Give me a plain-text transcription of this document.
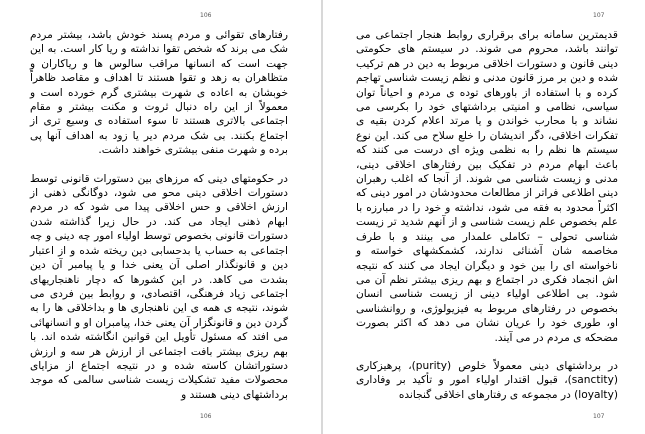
106

رفتارهای تقوائی و مردم پسند خودش باشد، بیشتر مردم شک می برند که شخص تقوا نداشته و ریا کار است. به این جهت است که انسانها مراقب سالوس ها و ریاکاران و متظاهران به زهد و تقوا هستند تا اهداف و مقاصد ظاهراً خوبشان به اعاده ی شهرت بیشتری گرم خورده است و معمولاً از این راه دنبال ثروت و مکنت بیشتر و مقام اجتماعی بالاتری هستند تا سوء استفاده ی وسیع تری از اجتماع بکنند. بی شک مردم دیر یا زود به اهداف آنها پی برده و شهرت منفی بیشتری خواهند داشت.

در حکومتهای دینی که مرزهای بین دستورات قانونی توسط دستورات اخلاقی دینی محو می شود، دوگانگی ذهنی از ارزش اخلاقی و حس اخلاقی پیدا می شود که در مردم ابهام ذهنی ایجاد می کند. در حال زیرا گذاشته شدن دستورات قانونی بخصوص توسط اولیاء امور چه دینی و چه اجتماعی به حساب یا بدحسابی دین ریخته شده و از اعتبار دین و قانونگذار اصلی آن یعنی خدا و یا پیامبر آن دین بشدت می کاهد. در این کشورها که دچار ناهنجاریهای اجتماعی زیاد فرهنگی، اقتصادی، و روابط بین فردی می شوند، نتیجه ی همه ی این ناهنجاری ها و بداخلاقی ها را به گردن دین و قانونگزار آن یعنی خدا، پیامبران او و انسانهائی می افتد که مسئول تأویل این قوانین انگاشته شده اند. با بهم ریزی بیشتر بافت اجتماعی از ارزش هر سه و ارزش دستوراتشان کاسته شده و در نتیجه اجتماع از مزایای محصولات مفید تشکیلات زیست شناسی سالمی که موجد برداشتهای دینی هستند و

106
107

قدیمترین سامانه برای برقراری روابط هنجار اجتماعی می توانند باشد، محروم می شوند. در سیستم های حکومتی دینی قانون و دستورات اخلاقی مربوط به دین در هم ترکیب شده و دین بر مرز قانون مدنی و نظم زیست شناسی تهاجم کرده و با استفاده از باورهای توده ی مردم و احیاناً توان سیاسی، نظامی و امنیتی برداشتهای خود را بکرسی می نشاند و با محارب خواندن و یا مرتد اعلام کردن بقیه ی تفکرات اخلاقی، دگر اندیشان را خلع سلاح می کند. این نوع سیستم ها نظم را به نظمی ویژه ای درست می کنند که باعث ابهام مردم در تفکیک بین رفتارهای اخلاقی دینی، مدنی و زیست شناسی می شوند. از آنجا که اغلب رهبران دینی اطلاعی فراتر از مطالعات محدودشان در امور دینی که اکثراً محدود به فقه می شود، نداشته و خود را در مبارزه با علم بخصوص علم زیست شناسی و از آنهم شدید تر زیست شناسی تحولی – تکاملی علمدار می بینند و با طرف مخاصمه شان آشنائی ندارند، کشمکشهای خواسته و ناخواسته ای را بین خود و دیگران ایجاد می کنند که نتیجه اش انجماد فکری در اجتماع و بهم ریزی بیشتر نظم آن می شود. بی اطلاعی اولیاء دینی از زیست شناسی انسان بخصوص در رفتارهای مربوط به فیزیولوژی، و روانشناسی او، طوری خود را عریان نشان می دهد که اکثر بصورت مضحکه ی مردم در می آیند.

در برداشتهای دینی معمولاً خلوص (purity)، پرهیزکاری (sanctity)، قبول اقتدار اولیاء امور و تأکید بر وفاداری (loyalty) در مجموعه ی رفتارهای اخلاقی گنجانده

107
